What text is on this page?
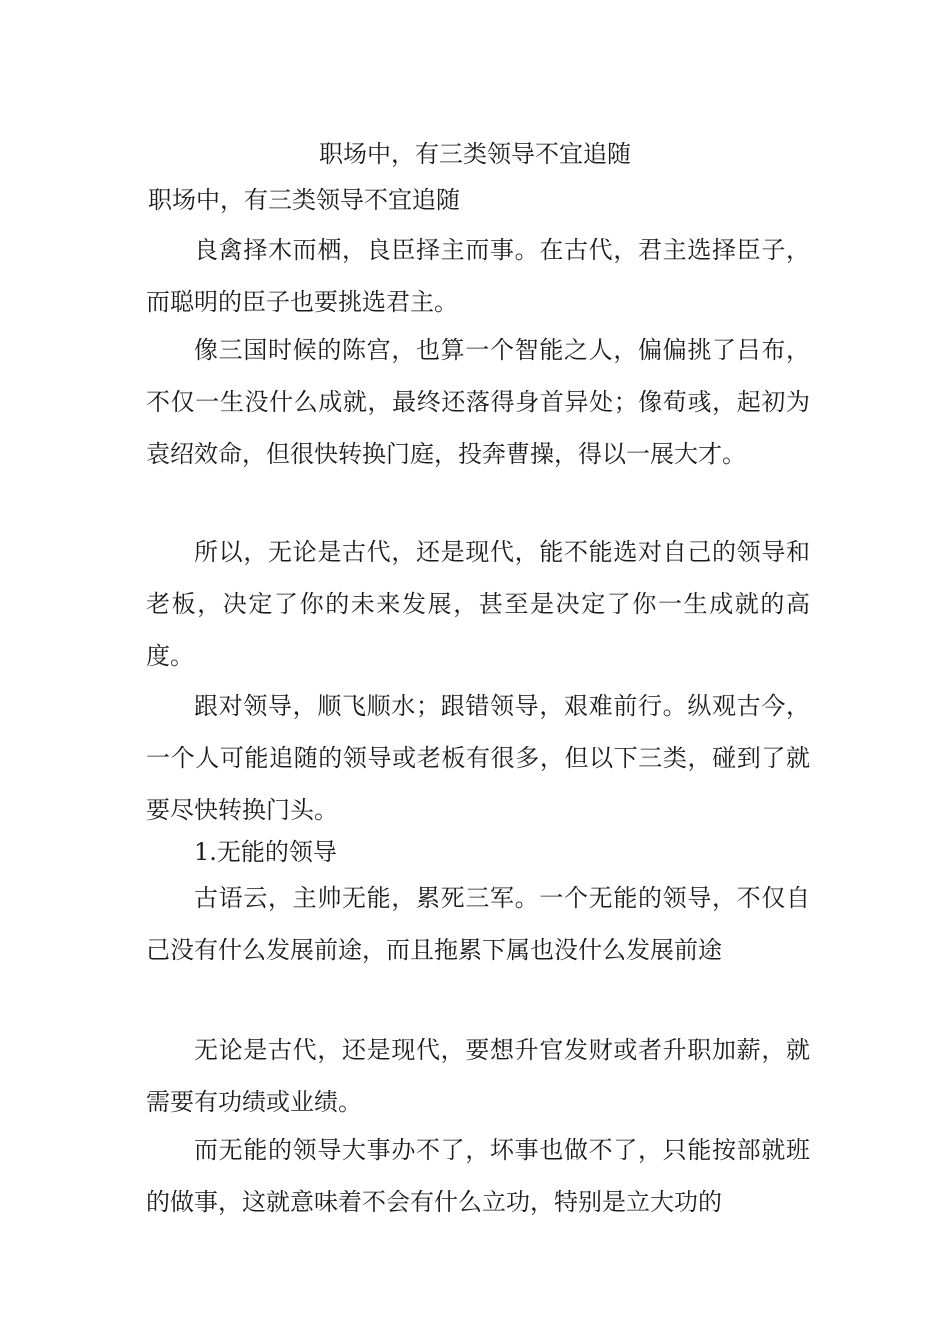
职场中，有三类领导不宜追随

职场中，有三类领导不宜追随

良禽择木而栖，良臣择主而事。在古代，君主选择臣子，而聪明的臣子也要挑选君主。

像三国时候的陈宫，也算一个智能之人，偏偏挑了吕布，不仅一生没什么成就，最终还落得身首异处；像荀彧，起初为袁绍效命，但很快转换门庭，投奔曹操，得以一展大才。

所以，无论是古代，还是现代，能不能选对自己的领导和老板，决定了你的未来发展，甚至是决定了你一生成就的高度。

跟对领导，顺飞顺水；跟错领导，艰难前行。纵观古今，一个人可能追随的领导或老板有很多，但以下三类，碰到了就要尽快转换门头。

1.无能的领导

古语云，主帅无能，累死三军。一个无能的领导，不仅自己没有什么发展前途，而且拖累下属也没什么发展前途

无论是古代，还是现代，要想升官发财或者升职加薪，就需要有功绩或业绩。

而无能的领导大事办不了，坏事也做不了，只能按部就班的做事，这就意味着不会有什么立功，特别是立大功的
